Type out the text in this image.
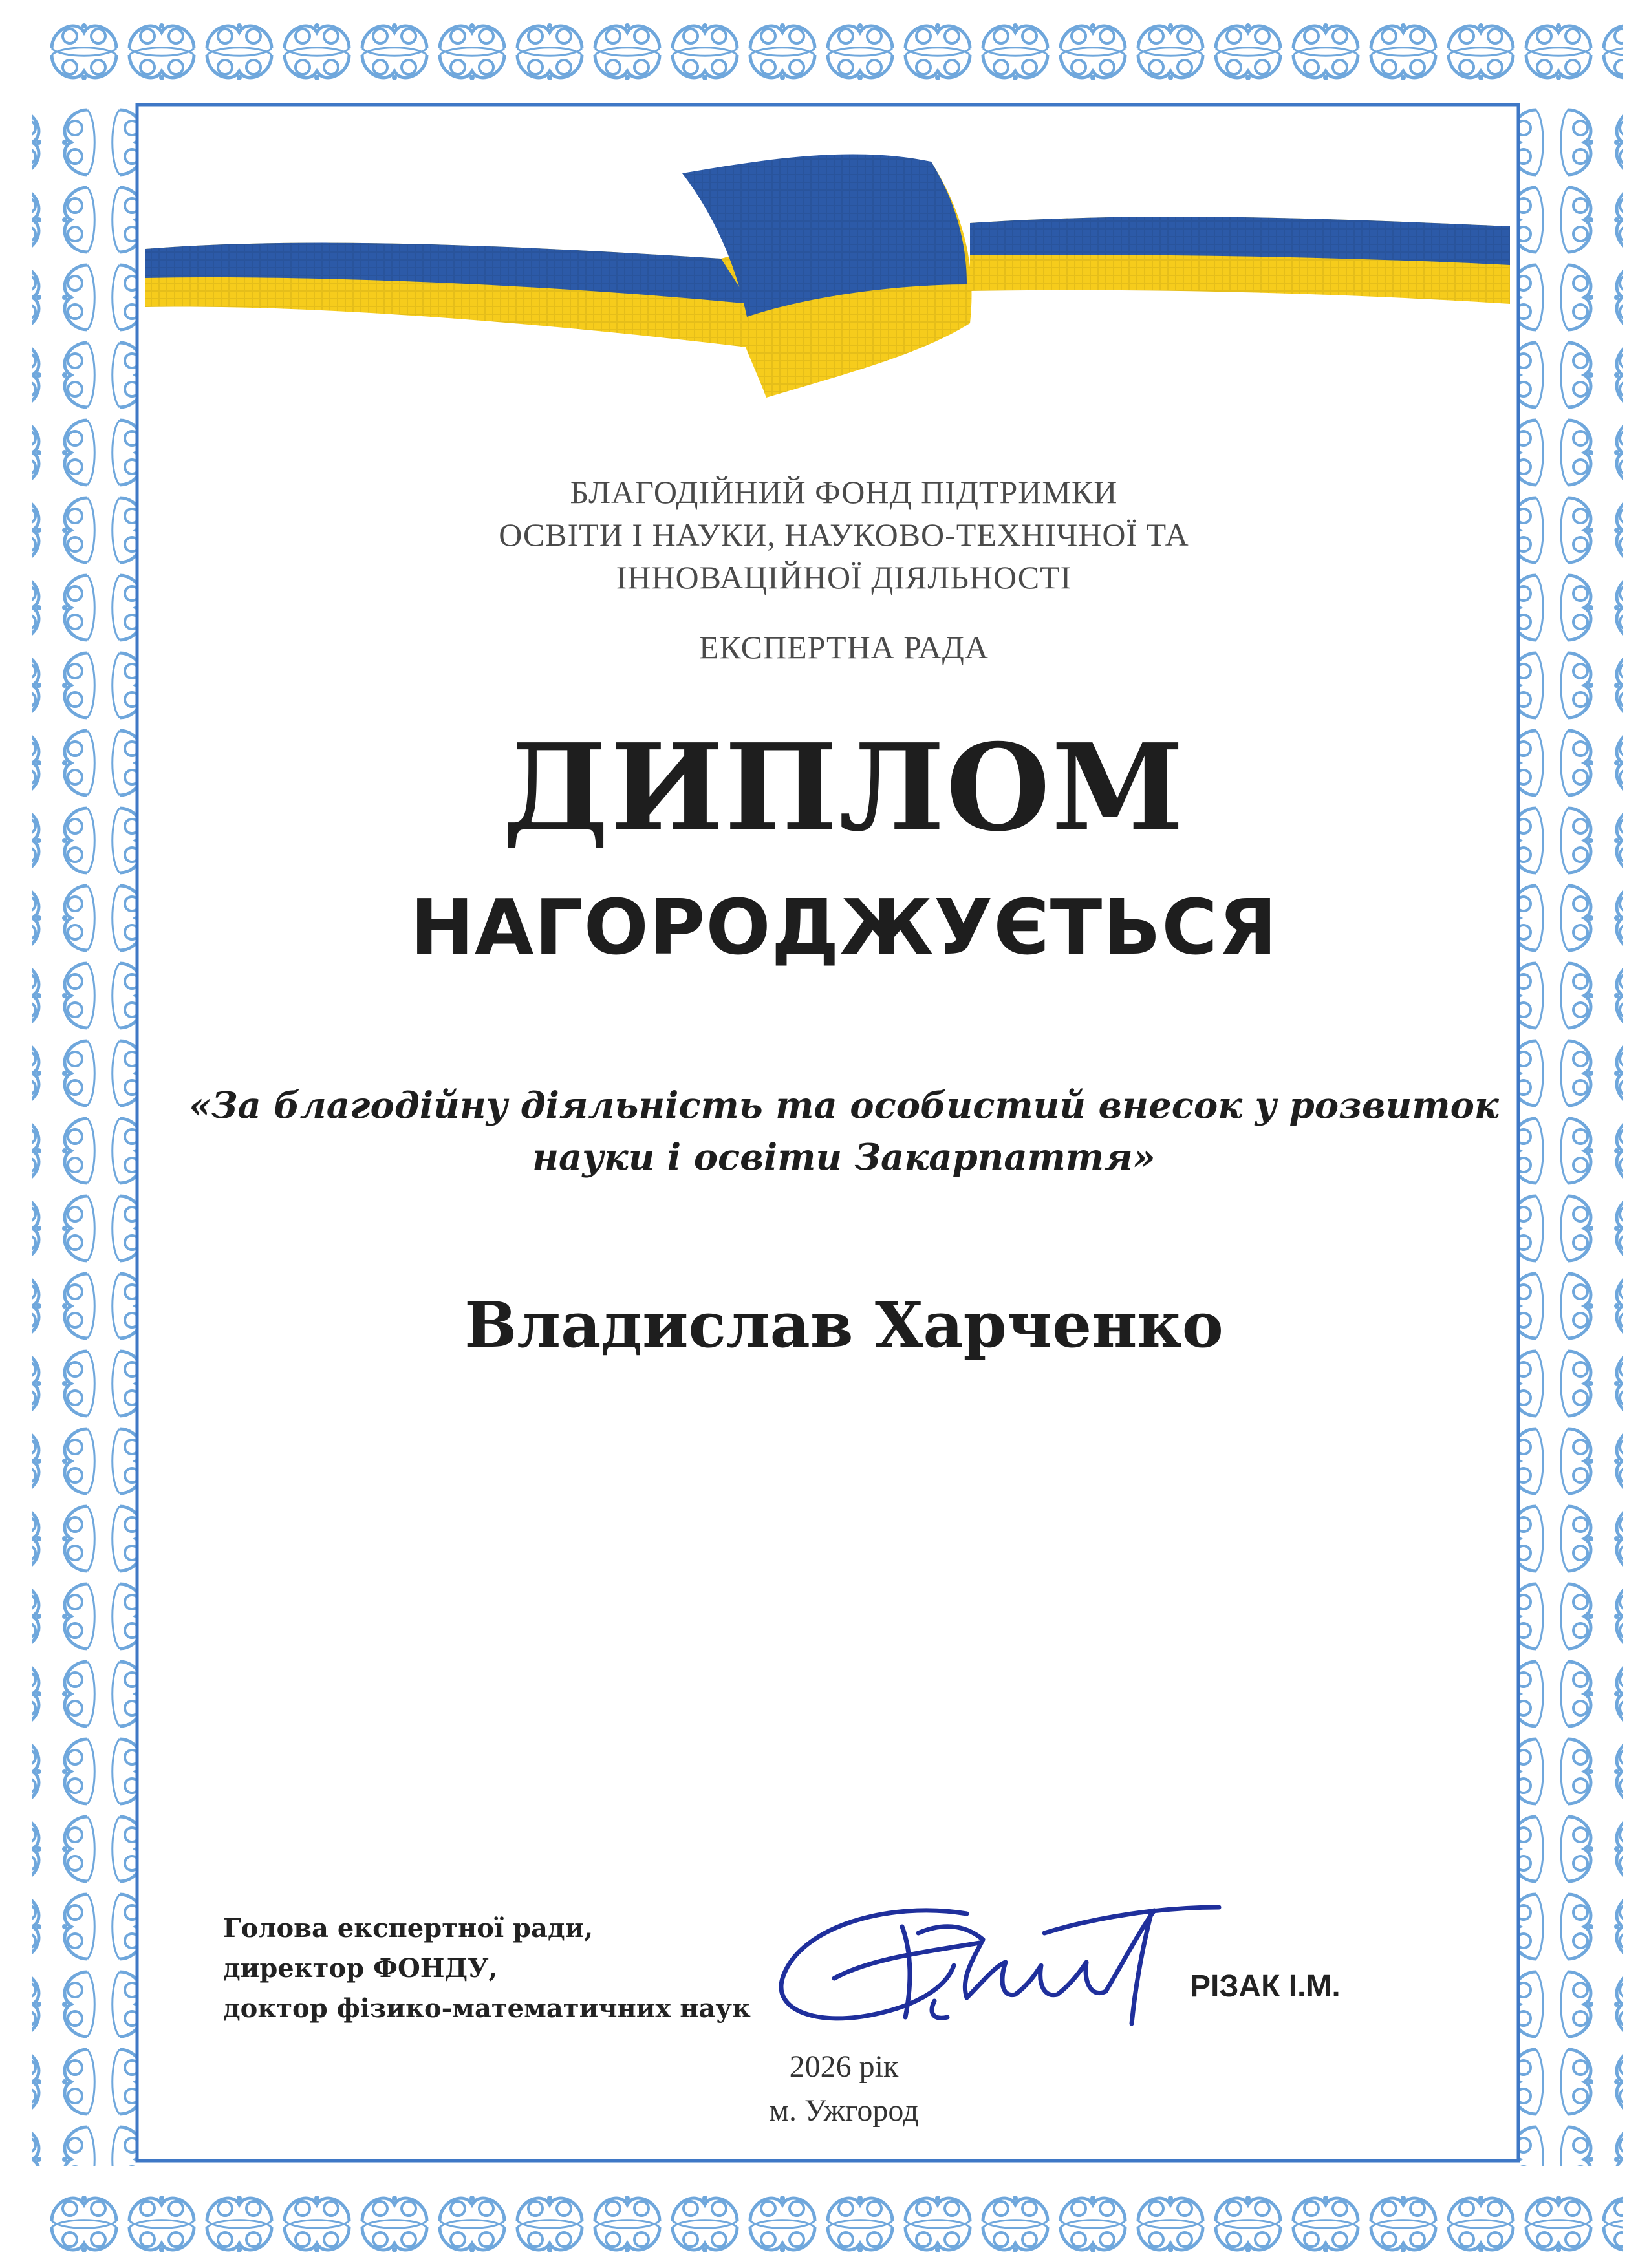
БЛАГОДІЙНИЙ ФОНД ПІДТРИМКИ
ОСВІТИ І НАУКИ, НАУКОВО-ТЕХНІЧНОЇ ТА
ІННОВАЦІЙНОЇ ДІЯЛЬНОСТІ
ЕКСПЕРТНА РАДА
ДИПЛОМ
НАГОРОДЖУЄТЬСЯ
«За благодійну діяльність та особистий внесок у розвиток
науки і освіти Закарпаття»
Владислав Харченко
Голова експертної ради,
директор ФОНДУ,
доктор фізико-математичних наук
РІЗАК І.М.
2026 рік
м. Ужгород
